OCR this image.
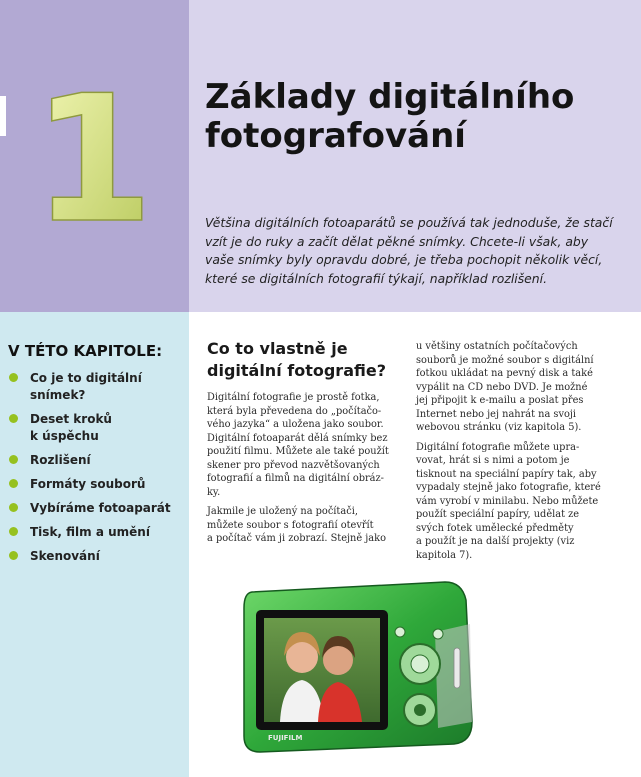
1 Základy digitálního
fotografování

Většina digitálních fotoaparátů se používá tak jednoduše, že stačí vzít je do ruky a začít dělat pěkné snímky. Chcete-li však, aby vaše snímky byly opravdu dobré, je třeba pochopit několik věcí, které se digitálních fotografií týkají, například rozlišení.

V TÉTO KAPITOLE:
Co je to digitální
snímek?
Deset kroků
k úspěchu
Rozlišení
Formáty souborů
Vybíráme fotoaparát
Tisk, film a umění
Skenování
Co to vlastně je
digitální fotografie?

Digitální fotografie je prostě fotka,
která byla převedena do „počítačo-
vého jazyka“ a uložena jako soubor.
Digitální fotoaparát dělá snímky bez
použití filmu. Můžete ale také použít
skener pro převod nazvětšovaných
fotografií a filmů na digitální obráz-
ky.

Jakmile je uložený na počítači,
můžete soubor s fotografií otevřít
a počítač vám ji zobrazí. Stejně jako

u většiny ostatních počítačových
souborů je možné soubor s digitální
fotkou ukládat na pevný disk a také
vypálit na CD nebo DVD. Je možné
jej připojit k e-mailu a poslat přes
Internet nebo jej nahrát na svoji
webovou stránku (viz kapitola 5).

Digitální fotografie můžete upra-
vovat, hrát si s nimi a potom je
tisknout na speciální papíry tak, aby
vypadaly stejně jako fotografie, které
vám vyrobí v minilabu. Nebo můžete
použít speciální papíry, udělat ze
svých fotek umělecké předměty
a použít je na další projekty (viz
kapitola 7).

FUJIFILM
